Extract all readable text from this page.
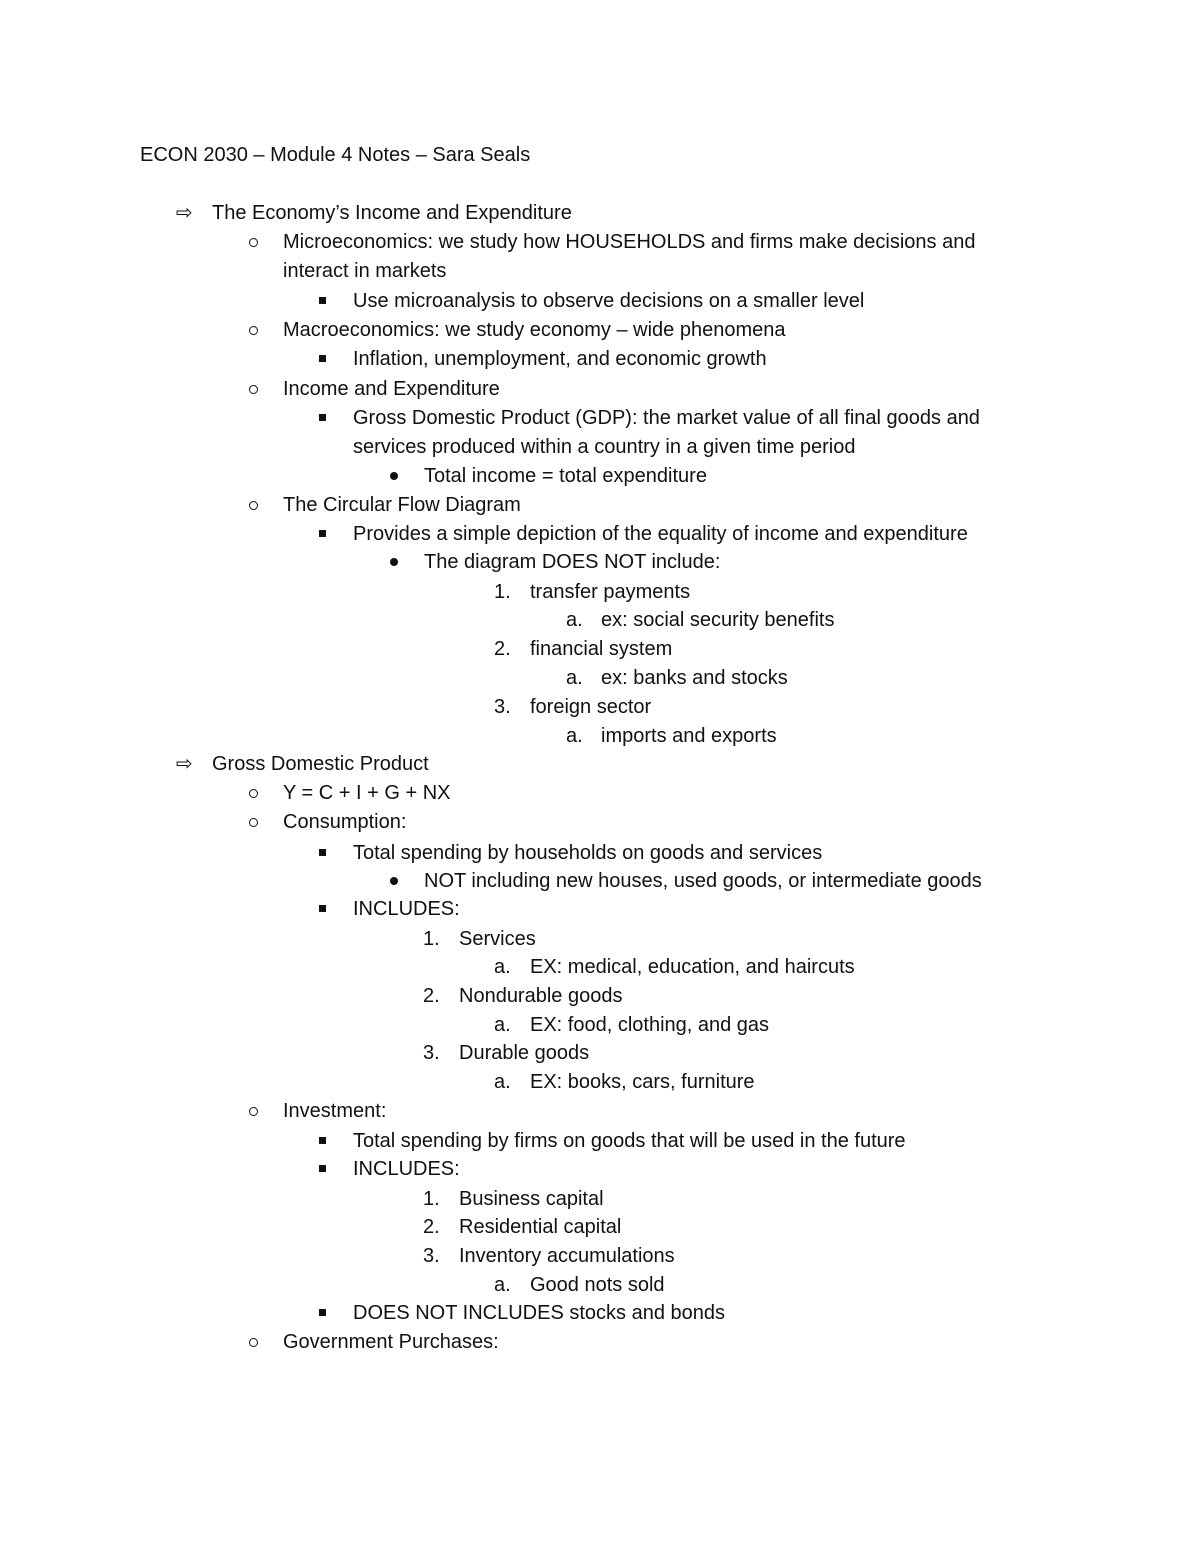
ECON 2030 – Module 4 Notes – Sara Seals
⇨ The Economy’s Income and Expenditure
Microeconomics: we study how HOUSEHOLDS and firms make decisions and
interact in markets
Use microanalysis to observe decisions on a smaller level
Macroeconomics: we study economy – wide phenomena
Inflation, unemployment, and economic growth
Income and Expenditure
Gross Domestic Product (GDP): the market value of all final goods and
services produced within a country in a given time period
Total income = total expenditure
The Circular Flow Diagram
Provides a simple depiction of the equality of income and expenditure
The diagram DOES NOT include:
1. transfer payments
a. ex: social security benefits
2. financial system
a. ex: banks and stocks
3. foreign sector
a. imports and exports
⇨ Gross Domestic Product
Y = C + I + G + NX
Consumption:
Total spending by households on goods and services
NOT including new houses, used goods, or intermediate goods
INCLUDES:
1. Services
a. EX: medical, education, and haircuts
2. Nondurable goods
a. EX: food, clothing, and gas
3. Durable goods
a. EX: books, cars, furniture
Investment:
Total spending by firms on goods that will be used in the future
INCLUDES:
1. Business capital
2. Residential capital
3. Inventory accumulations
a. Good nots sold
DOES NOT INCLUDES stocks and bonds
Government Purchases:
